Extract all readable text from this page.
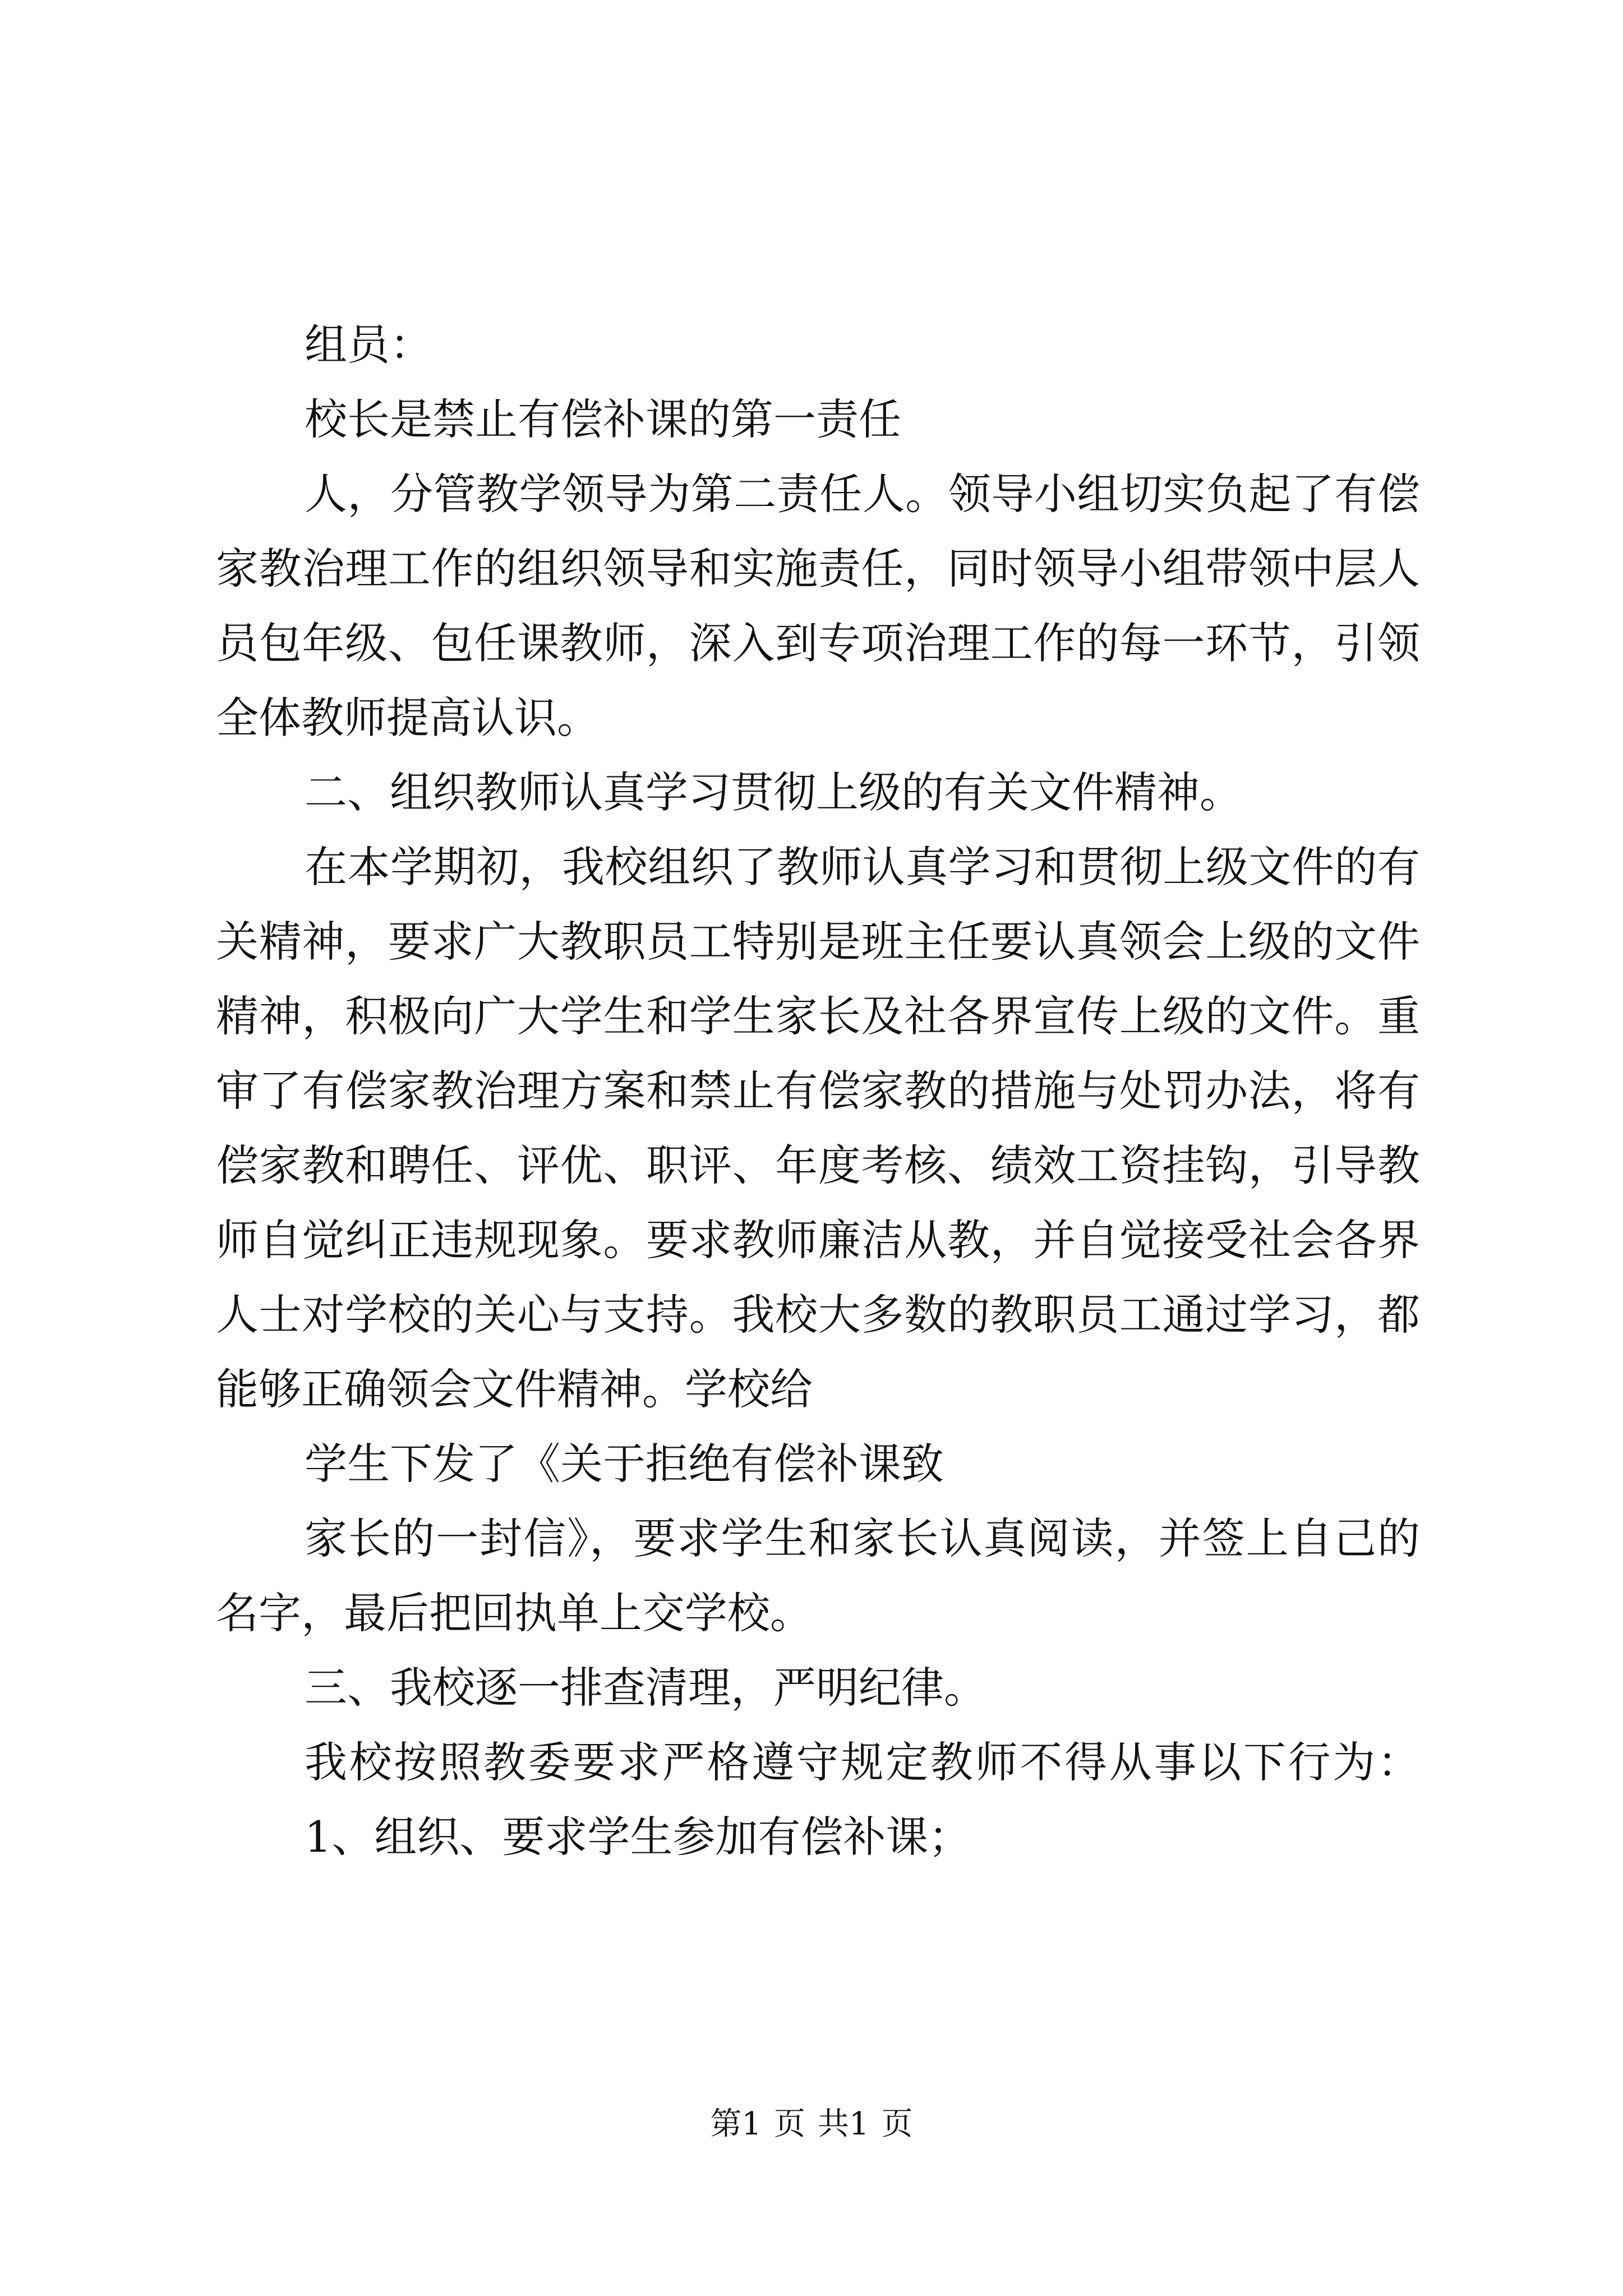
组员：
校长是禁止有偿补课的第一责任
人，分管教学领导为第二责任人。领导小组切实负起了有偿
家教治理工作的组织领导和实施责任，同时领导小组带领中层人
员包年级、包任课教师，深入到专项治理工作的每一环节，引领
全体教师提高认识。
二、组织教师认真学习贯彻上级的有关文件精神。
在本学期初，我校组织了教师认真学习和贯彻上级文件的有
关精神，要求广大教职员工特别是班主任要认真领会上级的文件
精神，积极向广大学生和学生家长及社各界宣传上级的文件。重
审了有偿家教治理方案和禁止有偿家教的措施与处罚办法，将有
偿家教和聘任、评优、职评、年度考核、绩效工资挂钩，引导教
师自觉纠正违规现象。要求教师廉洁从教，并自觉接受社会各界
人士对学校的关心与支持。我校大多数的教职员工通过学习，都
能够正确领会文件精神。学校给
学生下发了《关于拒绝有偿补课致
家长的一封信》，要求学生和家长认真阅读，并签上自己的
名字，最后把回执单上交学校。
三、我校逐一排查清理，严明纪律。
我校按照教委要求严格遵守规定教师不得从事以下行为：
1、组织、要求学生参加有偿补课；
第1 页 共1 页
